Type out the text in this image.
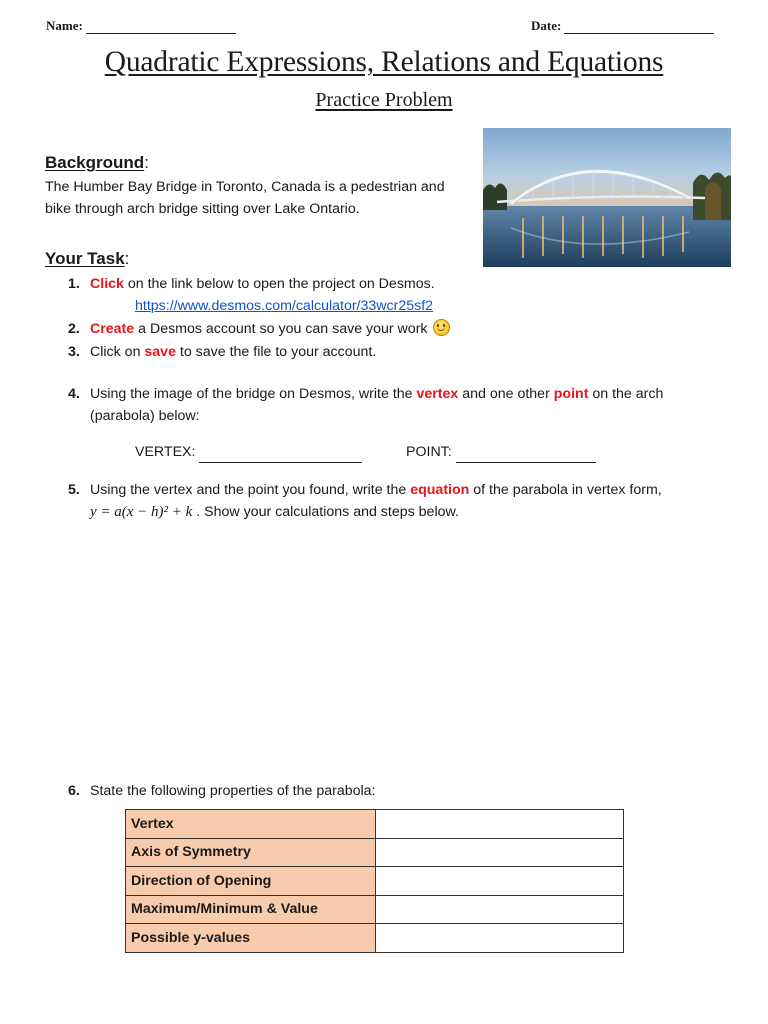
Name:	Date:
Quadratic Expressions, Relations and Equations
Practice Problem
Background:
The Humber Bay Bridge in Toronto, Canada is a pedestrian and
bike through arch bridge sitting over Lake Ontario.
Your Task:
1. Click on the link below to open the project on Desmos.
https://www.desmos.com/calculator/33wcr25sf2
2. Create a Desmos account so you can save your work
3. Click on save to save the file to your account.
4. Using the image of the bridge on Desmos, write the vertex and one other point on the arch
(parabola) below:
VERTEX:	POINT:
5. Using the vertex and the point you found, write the equation of the parabola in vertex form,
y = a(x − h)² + k . Show your calculations and steps below.
6. State the following properties of the parabola:
Vertex	
Axis of Symmetry	
Direction of Opening	
Maximum/Minimum & Value	
Possible y-values	
